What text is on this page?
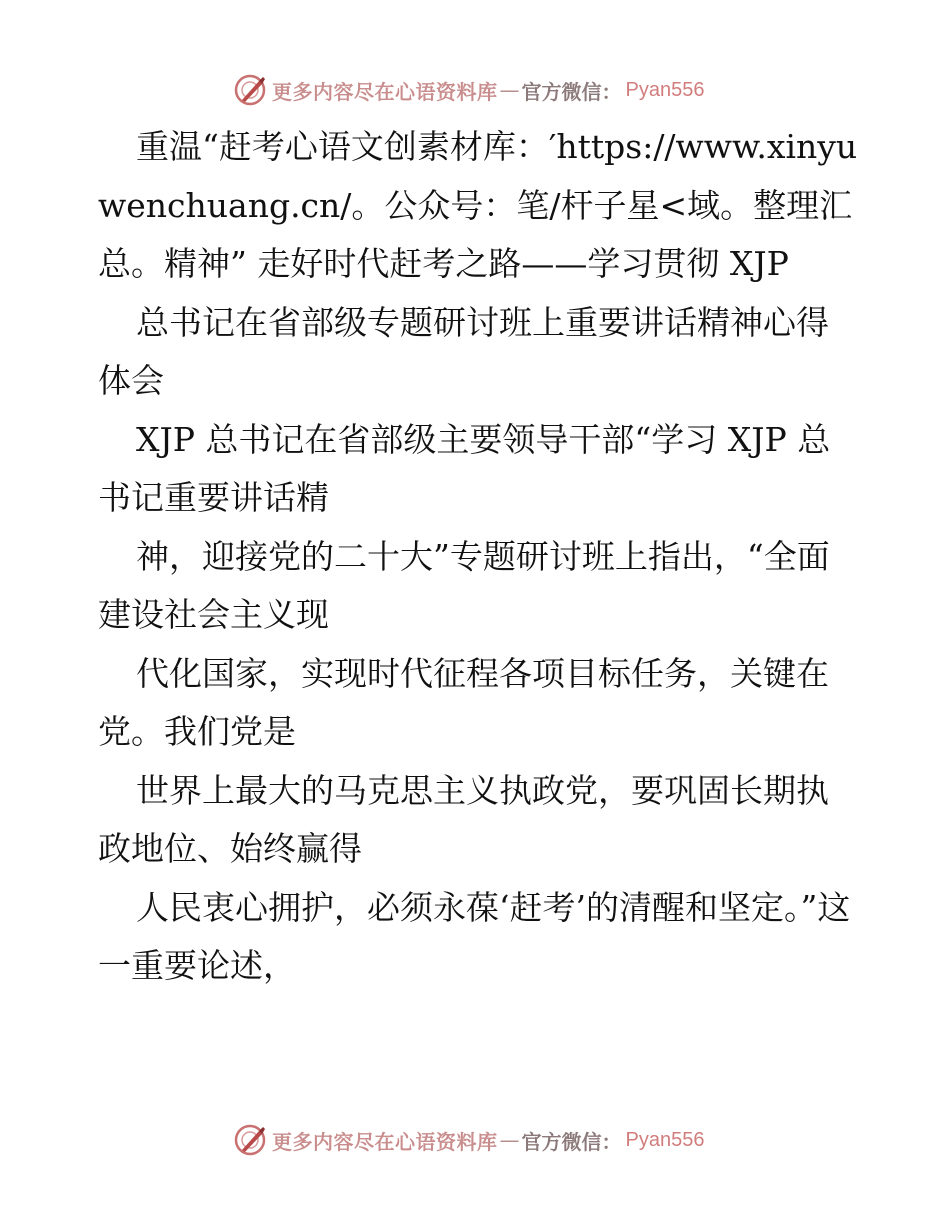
更多内容尽在心语资料库 — 官方微信： Pyan556

重温“赶考心语文创素材库：′https://www.xinyuwenchuang.cn/。公众号：笔/杆子星<域。整理汇总。精神” 走好时代赶考之路——学习贯彻 XJP

总书记在省部级专题研讨班上重要讲话精神心得体会

XJP 总书记在省部级主要领导干部“学习 XJP 总书记重要讲话精

神，迎接党的二十大”专题研讨班上指出，“全面建设社会主义现

代化国家，实现时代征程各项目标任务，关键在党。我们党是

世界上最大的马克思主义执政党，要巩固长期执政地位、始终赢得

人民衷心拥护，必须永葆‘赶考’的清醒和坚定。”这一重要论述，

更多内容尽在心语资料库 — 官方微信： Pyan556
